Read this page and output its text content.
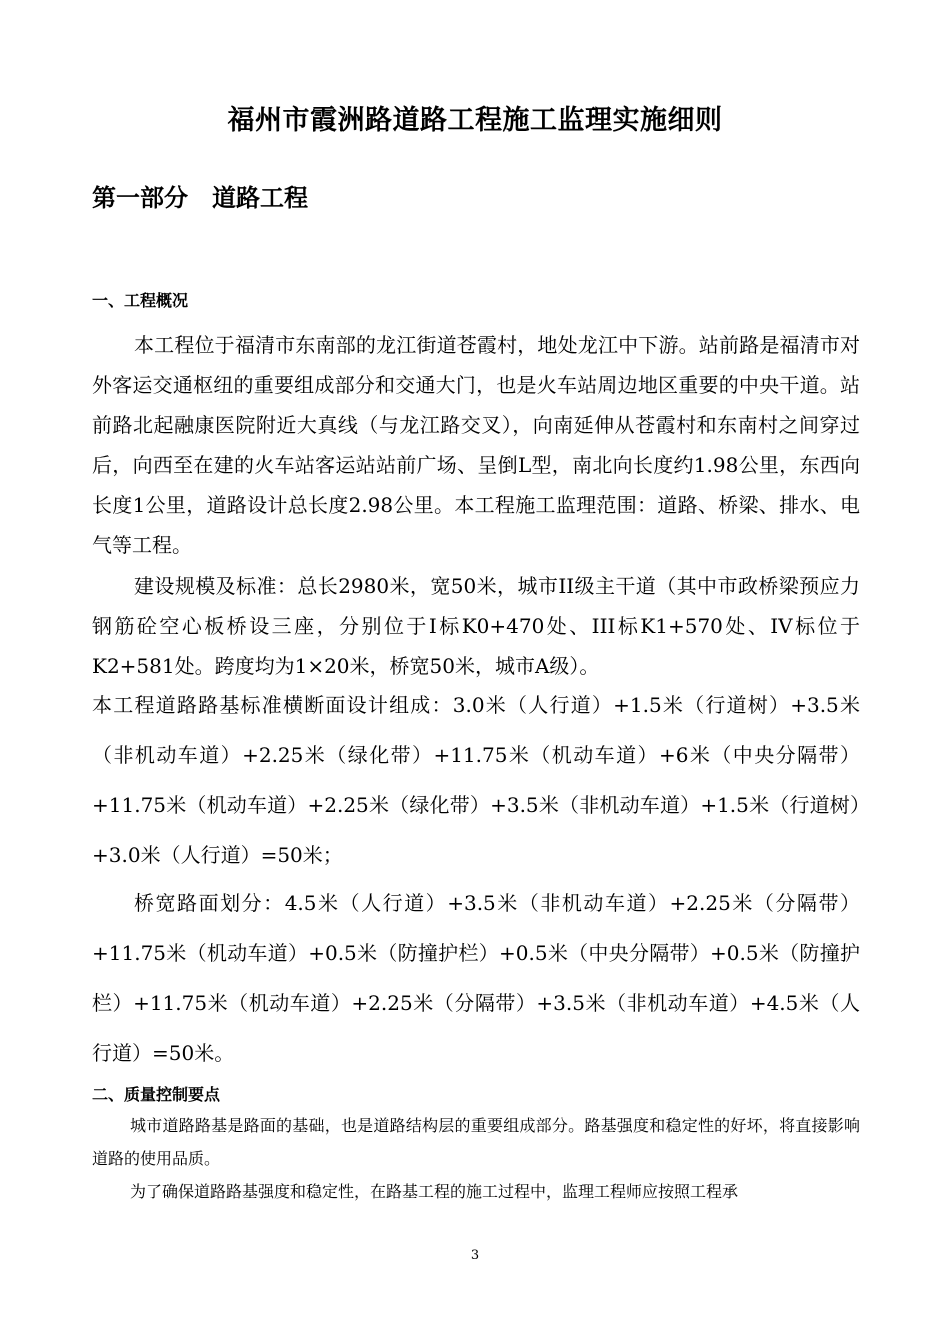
福州市霞洲路道路工程施工监理实施细则
第一部分　道路工程
一、工程概况
本工程位于福清市东南部的龙江街道苍霞村，地处龙江中下游。站前路是福清市对外客运交通枢纽的重要组成部分和交通大门，也是火车站周边地区重要的中央干道。站前路北起融康医院附近大真线（与龙江路交叉），向南延伸从苍霞村和东南村之间穿过后，向西至在建的火车站客运站站前广场、呈倒L型，南北向长度约1.98公里，东西向长度1公里，道路设计总长度2.98公里。本工程施工监理范围：道路、桥梁、排水、电气等工程。
建设规模及标准：总长2980米，宽50米，城市II级主干道（其中市政桥梁预应力钢筋砼空心板桥设三座，分别位于I标K0+470处、III标K1+570处、IV标位于K2+581处。跨度均为1×20米，桥宽50米，城市A级）。
本工程道路路基标准横断面设计组成：3.0米（人行道）+1.5米（行道树）+3.5米（非机动车道）+2.25米（绿化带）+11.75米（机动车道）+6米（中央分隔带）+11.75米（机动车道）+2.25米（绿化带）+3.5米（非机动车道）+1.5米（行道树）+3.0米（人行道）=50米；
桥宽路面划分：4.5米（人行道）+3.5米（非机动车道）+2.25米（分隔带）+11.75米（机动车道）+0.5米（防撞护栏）+0.5米（中央分隔带）+0.5米（防撞护栏）+11.75米（机动车道）+2.25米（分隔带）+3.5米（非机动车道）+4.5米（人行道）=50米。
二、质量控制要点
城市道路路基是路面的基础，也是道路结构层的重要组成部分。路基强度和稳定性的好坏，将直接影响道路的使用品质。
为了确保道路路基强度和稳定性，在路基工程的施工过程中，监理工程师应按照工程承
3
